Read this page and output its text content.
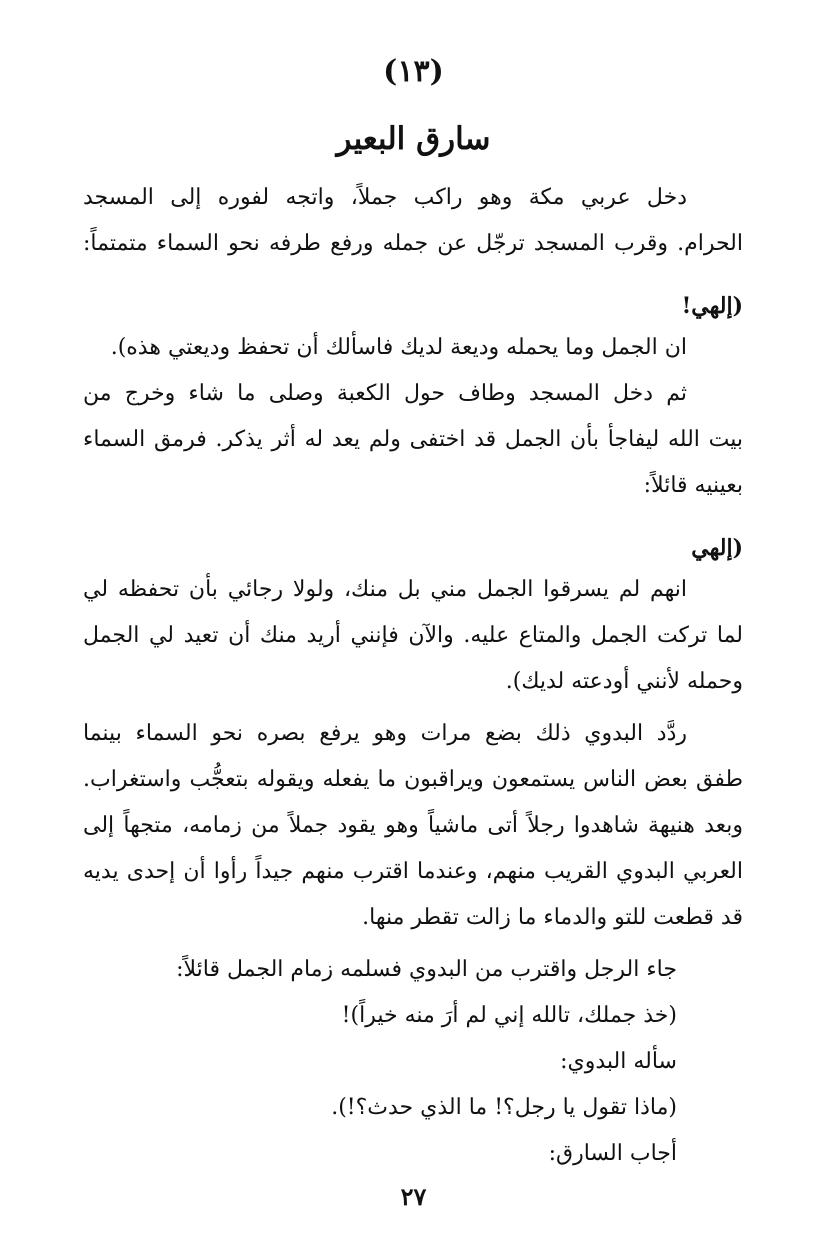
(١٣)
سارق البعير
دخل عربي مكة وهو راكب جملاً، واتجه لفوره إلى المسجد
الحرام. وقرب المسجد ترجّل عن جمله ورفع طرفه نحو السماء متمتماً:
(إلهي!
ان الجمل وما يحمله وديعة لديك فاسألك أن تحفظ وديعتي هذه).
ثم دخل المسجد وطاف حول الكعبة وصلى ما شاء وخرج من
بيت الله ليفاجأ بأن الجمل قد اختفى ولم يعد له أثر يذكر. فرمق السماء
بعينيه قائلاً:
(إلهي
انهم لم يسرقوا الجمل مني بل منك، ولولا رجائي بأن تحفظه لي
لما تركت الجمل والمتاع عليه. والآن فإنني أريد منك أن تعيد لي الجمل
وحمله لأنني أودعته لديك).
ردَّد البدوي ذلك بضع مرات وهو يرفع بصره نحو السماء بينما
طفق بعض الناس يستمعون ويراقبون ما يفعله ويقوله بتعجُّب واستغراب.
وبعد هنيهة شاهدوا رجلاً أتى ماشياً وهو يقود جملاً من زمامه، متجهاً إلى
العربي البدوي القريب منهم، وعندما اقترب منهم جيداً رأوا أن إحدى يديه
قد قطعت للتو والدماء ما زالت تقطر منها.
جاء الرجل واقترب من البدوي فسلمه زمام الجمل قائلاً:
(خذ جملك، تالله إني لم أرَ منه خيراً)!
سأله البدوي:
(ماذا تقول يا رجل؟! ما الذي حدث؟!).
أجاب السارق:
٢٧
